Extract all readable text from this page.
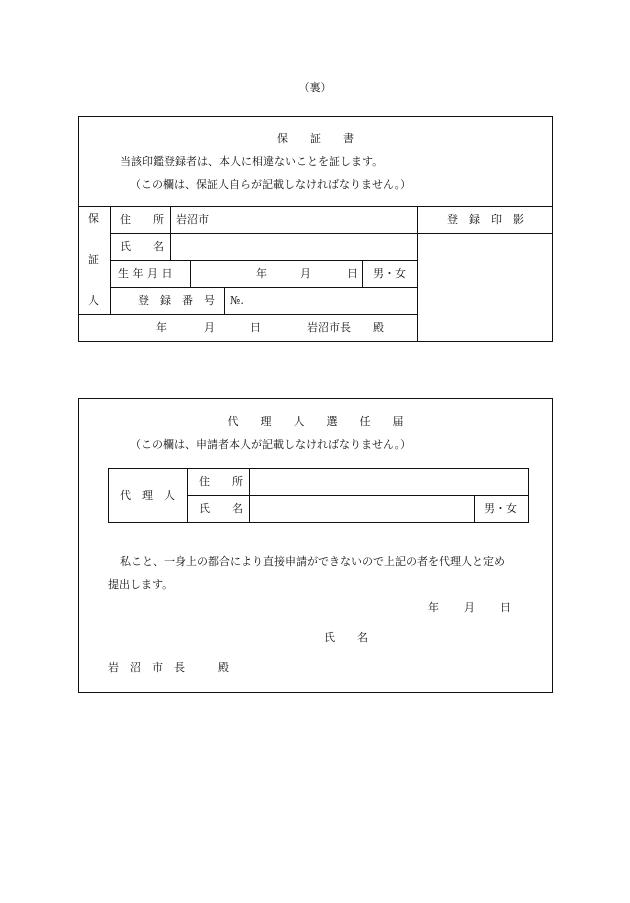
（裏）
保　　証　　書
当該印鑑登録者は、本人に相違ないことを証します。
（この欄は、保証人自らが記載しなければなりません。）
保
証
人
住　　所 岩沼市
氏　　名
生 年 月 日	年	月	日 男・女
登　録　番　号 №.
年	月	日	岩沼市長　　殿
登　録　印　影
代　　理　　人　　選　　任　　届
（この欄は、申請者本人が記載しなければなりません。）
代　理　人
住　　所
氏　　名	男・女
私こと、一身上の都合により直接申請ができないので上記の者を代理人と定め
提出します。
年 月 日
氏　　名
岩　沼　市　長　　　殿
